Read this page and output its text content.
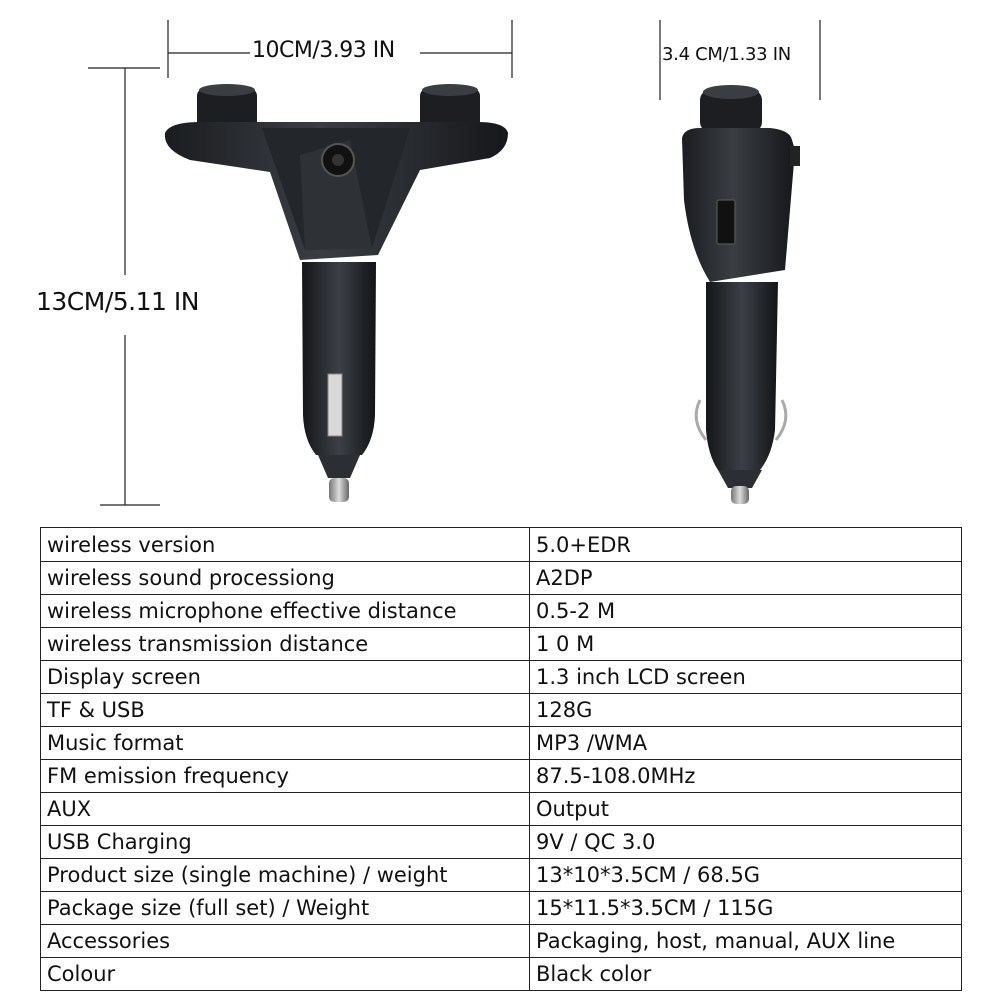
10CM/3.93 IN
13CM/5.11 IN
3.4 CM/1.33 IN
wireless version	5.0+EDR
wireless sound processiong	A2DP
wireless microphone effective distance	0.5-2 M
wireless transmission distance	1 0 M
Display screen	1.3 inch LCD screen
TF & USB	128G
Music format	MP3 /WMA
FM emission frequency	87.5-108.0MHz
AUX	Output
USB Charging	9V / QC 3.0
Product size (single machine) / weight	13*10*3.5CM / 68.5G
Package size (full set) / Weight	15*11.5*3.5CM / 115G
Accessories	Packaging, host, manual, AUX line
Colour	Black color
